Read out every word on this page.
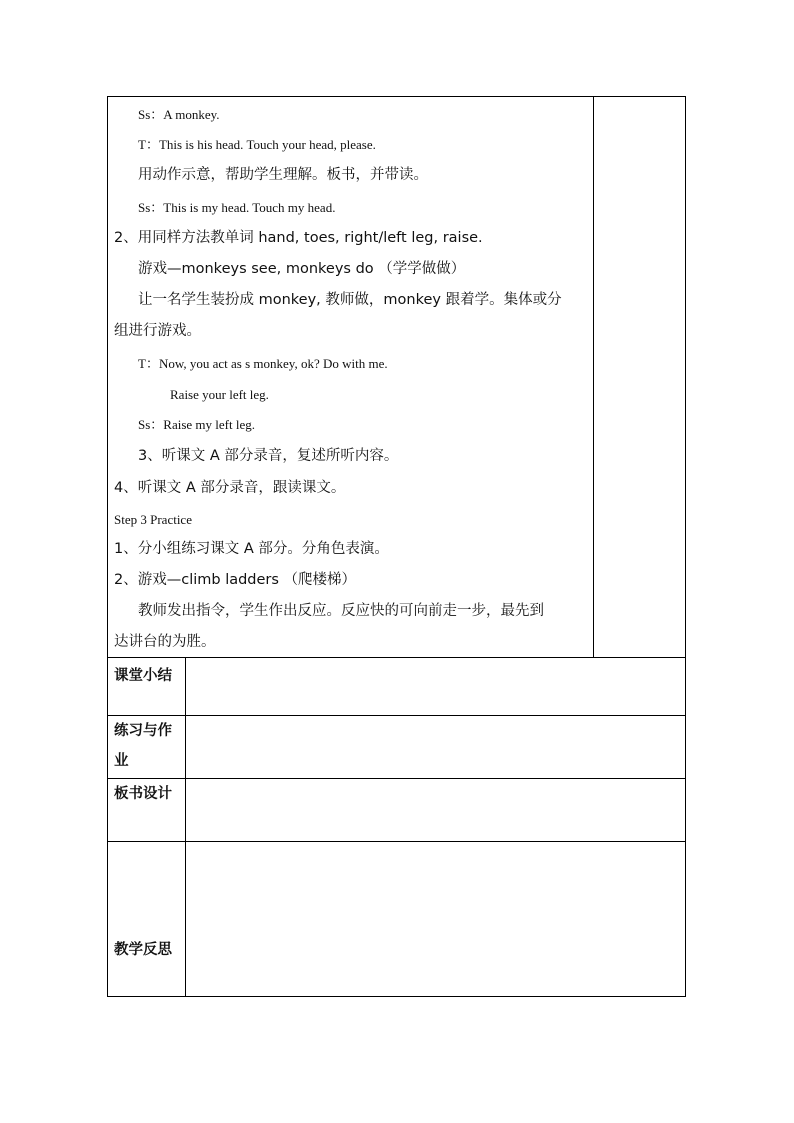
Ss：A monkey.
T：This is his head. Touch your head, please.
用动作示意，帮助学生理解。板书，并带读。
Ss：This is my head. Touch my head.
2、用同样方法教单词 hand, toes, right/left leg, raise.
游戏—monkeys see, monkeys do （学学做做）
让一名学生装扮成 monkey, 教师做，monkey 跟着学。集体或分
组进行游戏。
T：Now, you act as s monkey, ok? Do with me.
Raise your left leg.
Ss：Raise my left leg.
3、听课文 A 部分录音，复述所听内容。
4、听课文 A 部分录音，跟读课文。
Step 3 Practice
1、分小组练习课文 A 部分。分角色表演。
2、游戏—climb ladders （爬楼梯）
教师发出指令，学生作出反应。反应快的可向前走一步，最先到
达讲台的为胜。
课堂小结
练习与作
业
板书设计
教学反思
